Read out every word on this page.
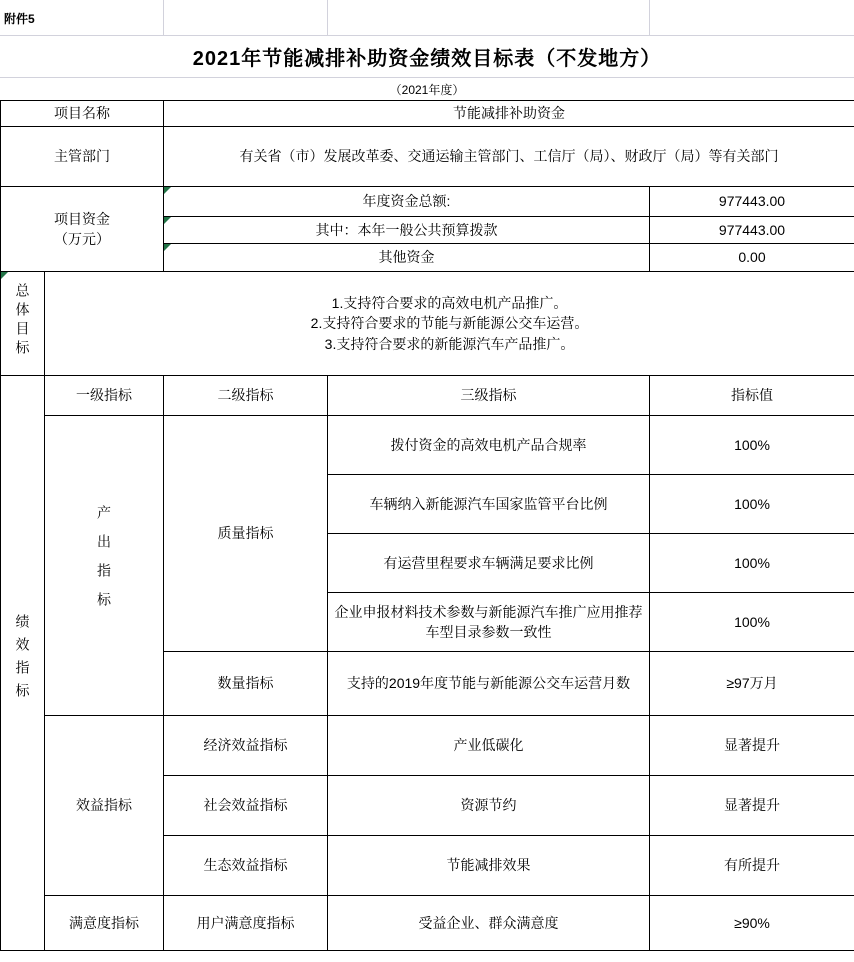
附件5
2021年节能减排补助资金绩效目标表（不发地方）
（2021年度）
项目名称		节能减排补助资金		
主管部门		有关省（市）发展改革委、交通运输主管部门、工信厅（局）、财政厅（局）等有关部门		

项目资金
（万元）		年度资金总额:		977443.00

其中：本年一般公共预算拨款		977443.00

其他资金		0.00

总体目标	1.支持符合要求的高效电机产品推广。
2.支持符合要求的节能与新能源公交车运营。
3.支持符合要求的新能源汽车产品推广。			

绩效指标	一级指标	二级指标	三级指标	指标值
	产出指标	质量指标	拨付资金的高效电机产品合规率	100%
			车辆纳入新能源汽车国家监管平台比例	100%
			有运营里程要求车辆满足要求比例	100%
			企业申报材料技术参数与新能源汽车推广应用推荐车型目录参数一致性	100%
		数量指标	支持的2019年度节能与新能源公交车运营月数	≥97万月
	效益指标	经济效益指标	产业低碳化	显著提升
		社会效益指标	资源节约	显著提升
		生态效益指标	节能减排效果	有所提升
	满意度指标	用户满意度指标	受益企业、群众满意度	≥90%
